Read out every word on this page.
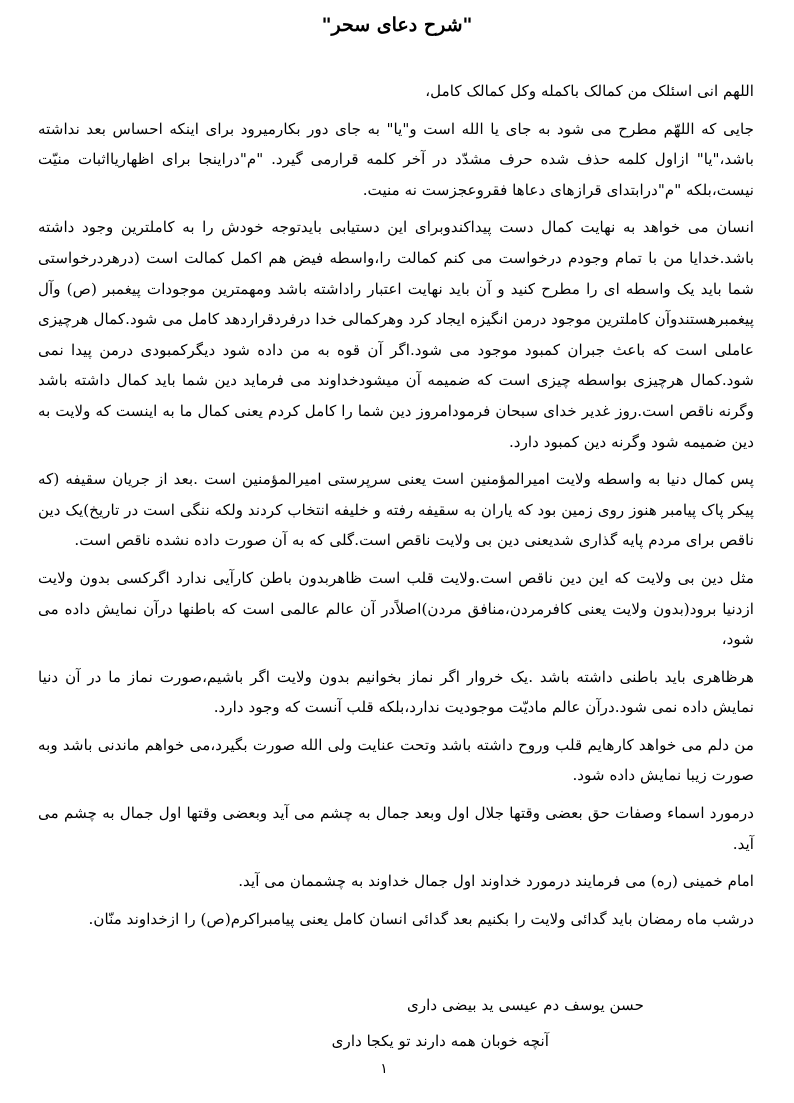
"شرح دعای سحر"

اللهم انی اسئلک من کمالک باکمله وکل کمالک کامل،

جایی که اللهّم مطرح می شود به جای یا الله است و"یا" به جای دور بکارمیرود برای اینکه احساس بعد نداشته باشد،"یا" ازاول کلمه حذف شده حرف مشدّد در آخر کلمه قرارمی گیرد. "م"دراینجا برای اظهاریااثبات منیّت نیست،بلکه "م"درابتدای قرازهای دعاها فقروعجزست نه منیت.

انسان می خواهد به نهایت کمال دست پیداکندوبرای این دستیابی بایدتوجه خودش را به کاملترین وجود داشته باشد.خدایا من با تمام وجودم درخواست می کنم کمالت را،واسطه فیض هم اکمل کمالت است (درهردرخواستی شما باید یک واسطه ای را مطرح کنید و آن باید نهایت اعتبار راداشته باشد ومهمترین موجودات پیغمبر (ص) وآل پیغمبرهستندوآن کاملترین موجود درمن انگیزه ایجاد کرد وهرکمالی خدا درفردقراردهد کامل می شود.کمال هرچیزی عاملی است که باعث جبران کمبود موجود می شود.اگر آن قوه به من داده شود دیگرکمبودی درمن پیدا نمی شود.کمال هرچیزی بواسطه چیزی است که ضمیمه آن میشودخداوند می فرماید دین شما باید کمال داشته باشد وگرنه ناقص است.روز غدیر خدای سبحان فرمودامروز دین شما را کامل کردم یعنی کمال ما به اینست که ولایت به دین ضمیمه شود وگرنه دین کمبود دارد.

پس کمال دنیا به واسطه ولایت امیرالمؤمنین است یعنی سرپرستی امیرالمؤمنین است .بعد از جریان سقیفه (که پیکر پاک پیامبر هنوز روی زمین بود که یاران به سقیفه رفته و خلیفه انتخاب کردند ولکه ننگی است در تاریخ)یک دین ناقص برای مردم پایه گذاری شدیعنی دین بی ولایت ناقص است.گلی که به آن صورت داده نشده ناقص است.

مثل دین بی ولایت که این دین ناقص است.ولایت قلب است ظاهربدون باطن کارآیی ندارد اگرکسی بدون ولایت ازدنیا برود(بدون ولایت یعنی کافرمردن،منافق مردن)اصلاًدر آن عالم عالمی است که باطنها درآن نمایش داده می شود،

هرظاهری باید باطنی داشته باشد .یک خروار اگر نماز بخوانیم بدون ولایت اگر باشیم،صورت نماز ما در آن دنیا نمایش داده نمی شود.درآن عالم مادیّت موجودیت ندارد،بلکه قلب آنست که وجود دارد.

من دلم می خواهد کارهایم قلب وروح داشته باشد وتحت عنایت ولی الله صورت بگیرد،می خواهم ماندنی باشد وبه صورت زیبا نمایش داده شود.

درمورد اسماء وصفات حق بعضی وقتها جلال اول وبعد جمال به چشم می آید وبعضی وقتها اول جمال به چشم می آید.

امام خمینی (ره) می فرمایند درمورد خداوند اول جمال خداوند به چشممان می آید.

درشب ماه رمضان باید گدائی ولایت را بکنیم بعد گدائی انسان کامل یعنی پیامبراکرم(ص) را ازخداوند منّان.

حسن یوسف دم عیسی ید بیضی داری
آنچه خوبان همه دارند تو یکجا داری
۱
